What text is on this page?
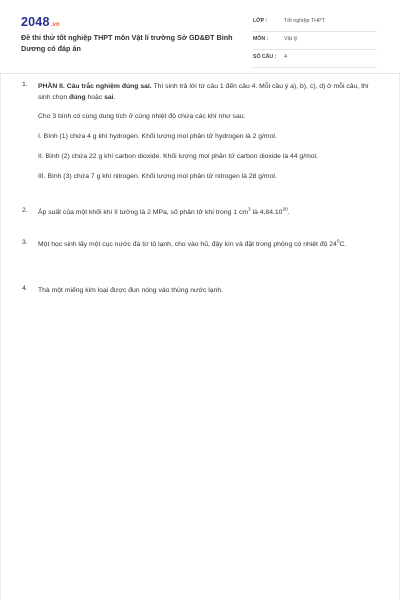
2048.vn
Đề thi thử tốt nghiệp THPT môn Vật lí trường Sở GD&ĐT Bình Dương có đáp án
LỚP :	Tốt nghiệp THPT
MÔN :	Vật lý
SỐ CÂU : 4
1. PHẦN II. Câu trắc nghiệm đúng sai. Thí sinh trả lời từ câu 1 đến câu 4. Mỗi câu ý a), b), c), d) ở mỗi câu, thí sinh chọn đúng hoặc sai.

Cho 3 bình có cùng dung tích ở cùng nhiệt độ chứa các khí như sau:

I. Bình (1) chứa 4 g khí hydrogen. Khối lượng mol phân tử hydrogen là 2 g/mol.

II. Bình (2) chứa 22 g khí carbon dioxide. Khối lượng mol phân tử carbon dioxide là 44 g/mol.

III. Bình (3) chứa 7 g khí nitrogen. Khối lượng mol phân tử nitrogen là 28 g/mol.

2. Áp suất của một khối khí lí tưởng là 2 MPa, số phân tử khí trong 1 $cm^3$ là 4,84.10$^{20}$.

3. Một học sinh lấy một cục nước đá từ tủ lạnh, cho vào hũ, đậy kín và đặt trong phòng có nhiệt độ $24^0C$.

4. Thả một miếng kim loại được đun nóng vào thùng nước lạnh.
